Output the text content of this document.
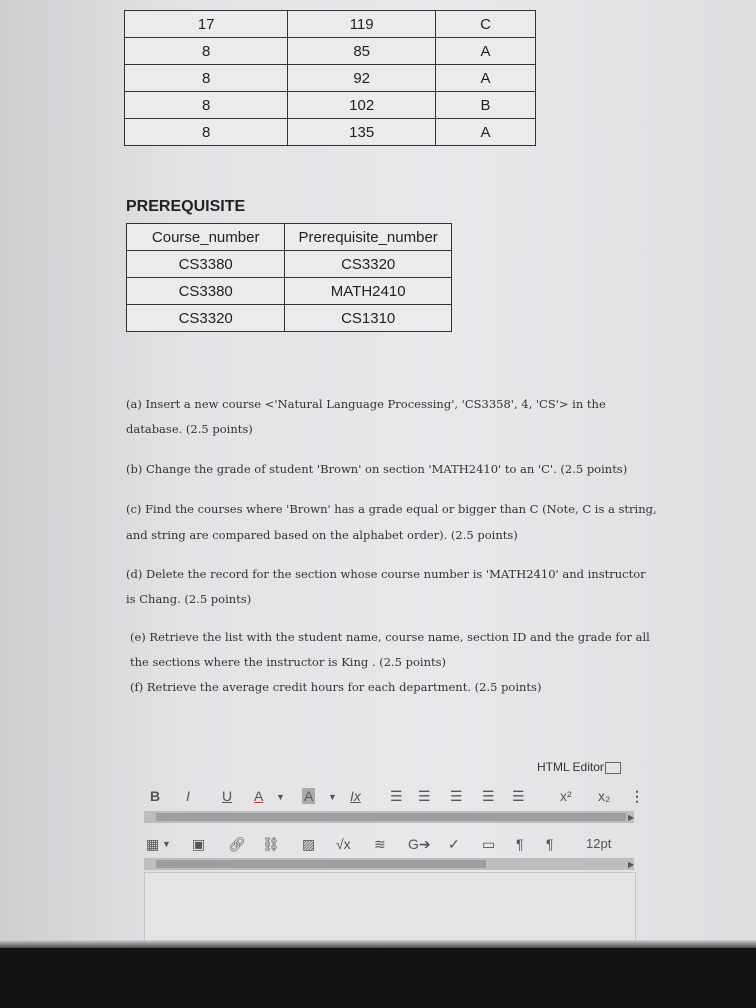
17	119	C
8	85	A
8	92	A
8	102	B
8	135	A
PREREQUISITE
Course_number	Prerequisite_number
CS3380	CS3320
CS3380	MATH2410
CS3320	CS1310
(a) Insert a new course <'Natural Language Processing', 'CS3358', 4, 'CS'> in the
database. (2.5 points)
(b) Change the grade of student 'Brown' on section 'MATH2410' to an 'C'. (2.5 points)
(c) Find the courses where 'Brown' has a grade equal or bigger than C (Note, C is a string,
and string are compared based on the alphabet order). (2.5 points)
(d) Delete the record for the section whose course number is 'MATH2410' and instructor
is Chang. (2.5 points)
(e) Retrieve the list with the student name, course name, section ID and the grade for all
the sections where the instructor is King . (2.5 points)
(f) Retrieve the average credit hours for each department. (2.5 points)
HTML Editor
B I U A ▼ A ▼ Ix ☰ ☰ ☰ ☰ ☰	x² x₂ ⋮
▶
▦ ▼ ▣ 🔗︎ ⛓︎ ▨ √x ≋ G➔ ✓ ▭ ¶ ¶ 12pt
▶
